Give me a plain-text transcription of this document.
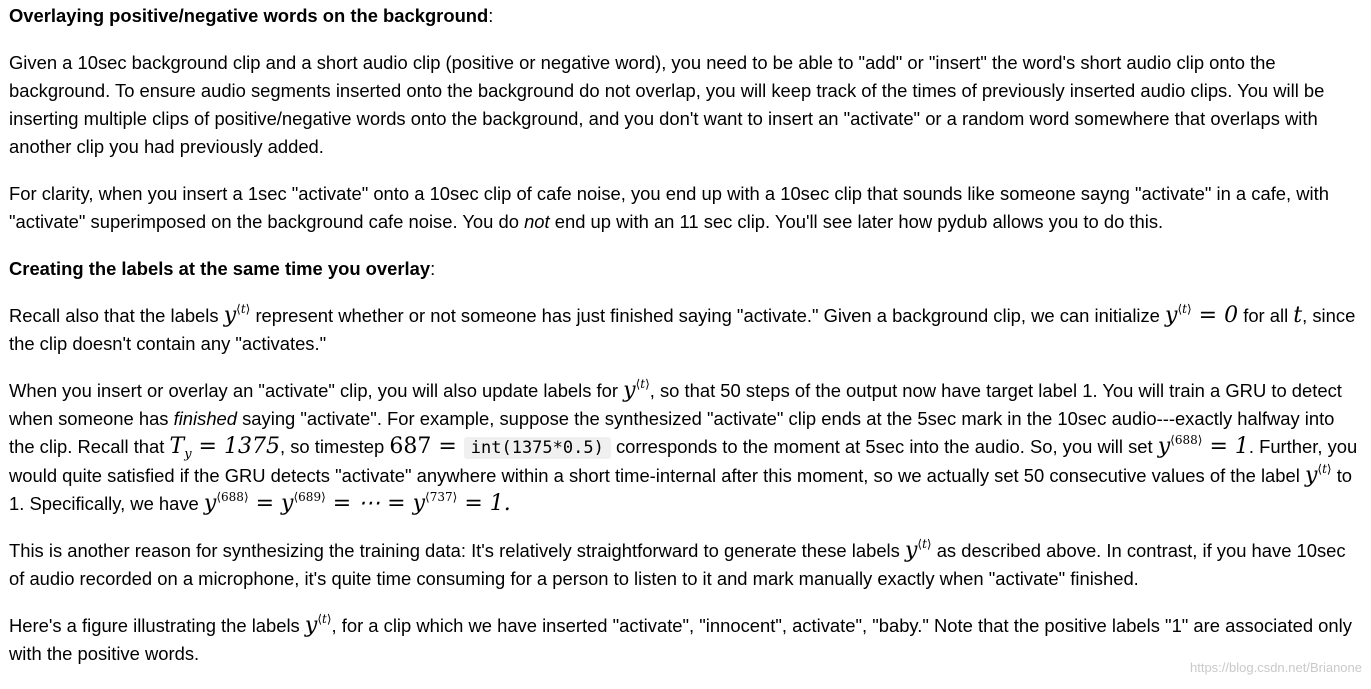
Overlaying positive/negative words on the background:

Given a 10sec background clip and a short audio clip (positive or negative word), you need to be able to "add" or "insert" the word's short audio clip onto the background. To ensure audio segments inserted onto the background do not overlap, you will keep track of the times of previously inserted audio clips. You will be inserting multiple clips of positive/negative words onto the background, and you don't want to insert an "activate" or a random word somewhere that overlaps with another clip you had previously added.

For clarity, when you insert a 1sec "activate" onto a 10sec clip of cafe noise, you end up with a 10sec clip that sounds like someone sayng "activate" in a cafe, with "activate" superimposed on the background cafe noise. You do not end up with an 11 sec clip. You'll see later how pydub allows you to do this.

Creating the labels at the same time you overlay:

Recall also that the labels $y^{⟨t⟩}$ represent whether or not someone has just finished saying "activate." Given a background clip, we can initialize $y^{⟨t⟩} = 0$ for all t, since the clip doesn't contain any "activates."

When you insert or overlay an "activate" clip, you will also update labels for $y^{⟨t⟩}$, so that 50 steps of the output now have target label 1. You will train a GRU to detect when someone has finished saying "activate". For example, suppose the synthesized "activate" clip ends at the 5sec mark in the 10sec audio---exactly halfway into the clip. Recall that $T_y = 1375$, so timestep 687 = int(1375*0.5) corresponds to the moment at 5sec into the audio. So, you will set $y^{⟨688⟩} = 1$. Further, you would quite satisfied if the GRU detects "activate" anywhere within a short time-internal after this moment, so we actually set 50 consecutive values of the label $y^{⟨t⟩}$ to 1. Specifically, we have $y^{⟨688⟩} = y^{⟨689⟩}$ = ⋯ = $y^{⟨737⟩} = 1$.

This is another reason for synthesizing the training data: It's relatively straightforward to generate these labels $y^{⟨t⟩}$ as described above. In contrast, if you have 10sec of audio recorded on a microphone, it's quite time consuming for a person to listen to it and mark manually exactly when "activate" finished.

Here's a figure illustrating the labels $y^{⟨t⟩}$, for a clip which we have inserted "activate", "innocent", activate", "baby." Note that the positive labels "1" are associated only with the positive words.

https://blog.csdn.net/Brianone
